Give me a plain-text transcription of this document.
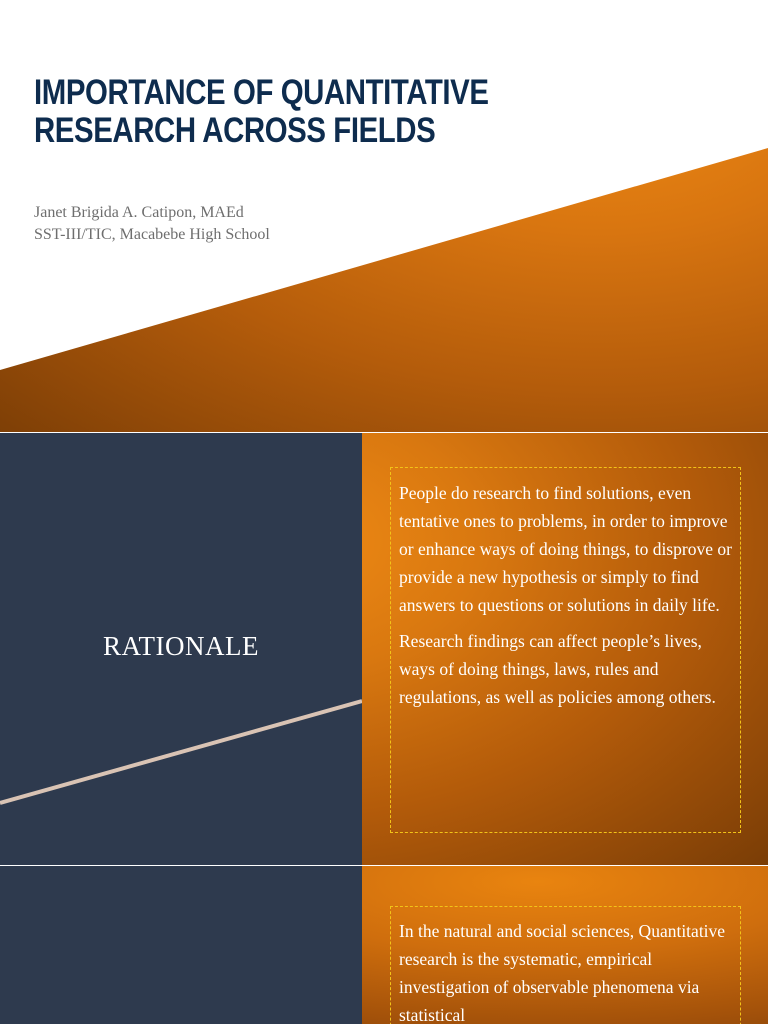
IMPORTANCE OF QUANTITATIVE RESEARCH ACROSS FIELDS
Janet Brigida A. Catipon, MAEd
SST-III/TIC, Macabebe High School
RATIONALE

People do research to find solutions, even tentative ones to problems, in order to improve or enhance ways of doing things, to disprove or provide a new hypothesis or simply to find answers to questions or solutions in daily life.

Research findings can affect people’s lives, ways of doing things, laws, rules and regulations, as well as policies among others.

In the natural and social sciences, Quantitative research is the systematic, empirical investigation of observable phenomena via statistical
